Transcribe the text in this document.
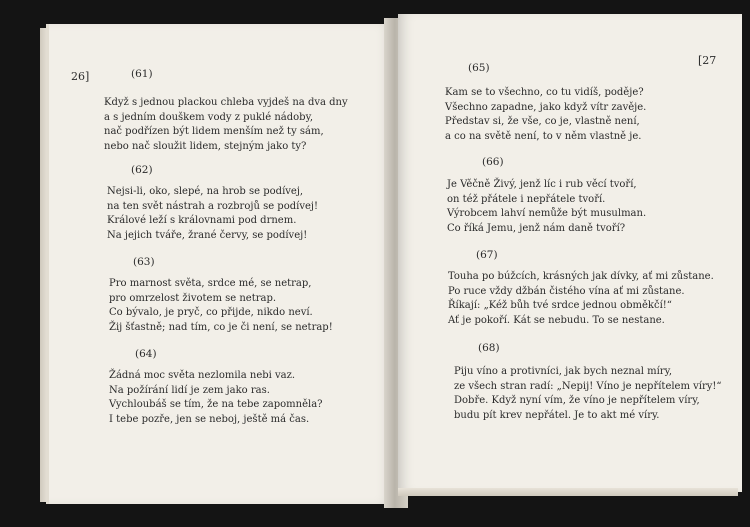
26]	(61)
Když s jednou plackou chleba vyjdeš na dva dny
a s jedním douškem vody z puklé nádoby,
nač podřízen být lidem menším než ty sám,
nebo nač sloužit lidem, stejným jako ty?
(62)
Nejsi-li, oko, slepé, na hrob se podívej,
na ten svět nástrah a rozbrojů se podívej!
Králové leží s královnami pod drnem.
Na jejich tváře, žrané červy, se podívej!
(63)
Pro marnost světa, srdce mé, se netrap,
pro omrzelost životem se netrap.
Co bývalo, je pryč, co přijde, nikdo neví.
Žij šťastně; nad tím, co je či není, se netrap!
(64)
Žádná moc světa nezlomila nebi vaz.
Na požírání lidí je zem jako ras.
Vychloubáš se tím, že na tebe zapomněla?
I tebe pozře, jen se neboj, ještě má čas.
[27
(65)
Kam se to všechno, co tu vidíš, poděje?
Všechno zapadne, jako když vítr zavěje.
Představ si, že vše, co je, vlastně není,
a co na světě není, to v něm vlastně je.
(66)
Je Věčně Živý, jenž líc i rub věcí tvoří,
on též přátele i nepřátele tvoří.
Výrobcem lahví nemůže být musulman.
Co říká Jemu, jenž nám daně tvoří?
(67)
Touha po búžcích, krásných jak dívky, ať mi zůstane.
Po ruce vždy džbán čistého vína ať mi zůstane.
Říkají: „Kéž bůh tvé srdce jednou obměkčí!“
Ať je pokoří. Kát se nebudu. To se nestane.
(68)
Piju víno a protivníci, jak bych neznal míry,
ze všech stran radí: „Nepij! Víno je nepřítelem víry!“
Dobře. Když nyní vím, že víno je nepřítelem víry,
budu pít krev nepřátel. Je to akt mé víry.
